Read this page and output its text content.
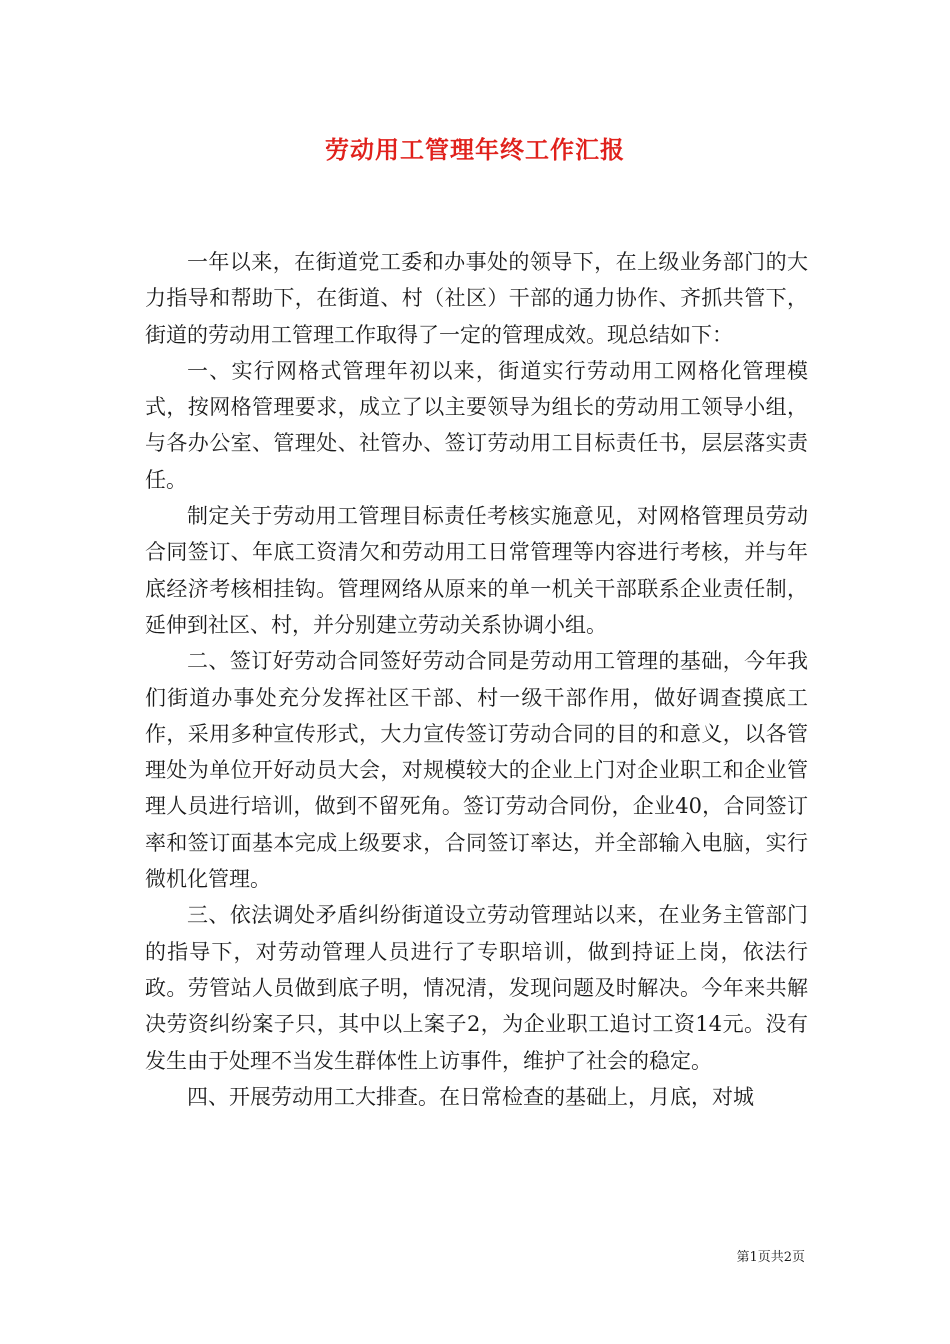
劳动用工管理年终工作汇报

一年以来，在街道党工委和办事处的领导下，在上级业务部门的大力指导和帮助下，在街道、村（社区）干部的通力协作、齐抓共管下，街道的劳动用工管理工作取得了一定的管理成效。现总结如下：

一、实行网格式管理年初以来，街道实行劳动用工网格化管理模式，按网格管理要求，成立了以主要领导为组长的劳动用工领导小组，与各办公室、管理处、社管办、签订劳动用工目标责任书，层层落实责任。

制定关于劳动用工管理目标责任考核实施意见，对网格管理员劳动合同签订、年底工资清欠和劳动用工日常管理等内容进行考核，并与年底经济考核相挂钩。管理网络从原来的单一机关干部联系企业责任制，延伸到社区、村，并分别建立劳动关系协调小组。

二、签订好劳动合同签好劳动合同是劳动用工管理的基础，今年我们街道办事处充分发挥社区干部、村一级干部作用，做好调查摸底工作，采用多种宣传形式，大力宣传签订劳动合同的目的和意义，以各管理处为单位开好动员大会，对规模较大的企业上门对企业职工和企业管理人员进行培训，做到不留死角。签订劳动合同份，企业40，合同签订率和签订面基本完成上级要求，合同签订率达，并全部输入电脑，实行微机化管理。

三、依法调处矛盾纠纷街道设立劳动管理站以来，在业务主管部门的指导下，对劳动管理人员进行了专职培训，做到持证上岗，依法行政。劳管站人员做到底子明，情况清，发现问题及时解决。今年来共解决劳资纠纷案子只，其中以上案子2，为企业职工追讨工资14元。没有发生由于处理不当发生群体性上访事件，维护了社会的稳定。

四、开展劳动用工大排查。在日常检查的基础上，月底，对城

第1页共2页
